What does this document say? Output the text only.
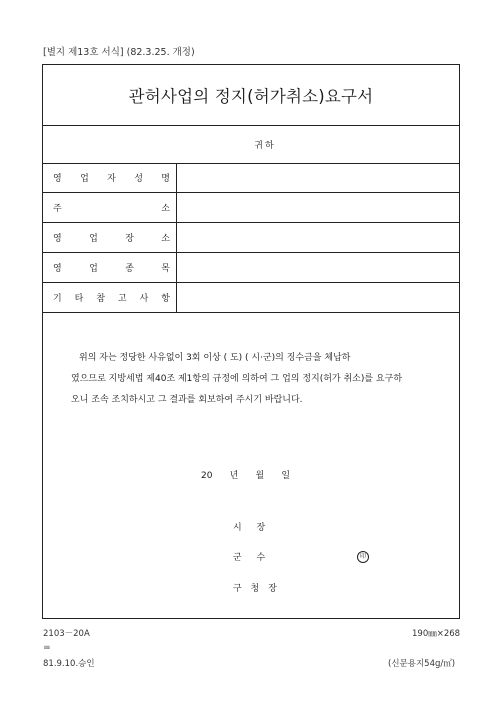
[별지 제13호 서식] (82.3.25. 개정)
관허사업의 정지(허가취소)요구서
귀하
영 업 자 성 명
주	소
영	업	장	소
영	업	종	목
기 타 참 고 사 항
위의 자는 정당한 사유없이 3회 이상 ( 도) ( 시·군)의 징수금을 체납하
였으므로 지방세법 제40조 제1항의 규정에 의하여 그 업의 정지(허가 취소)를 요구하
오니 조속 조치하시고 그 결과를 회보하여 주시기 바랍니다.
20      년      월      일
시 장
군 수	印
구 청 장
2103－20A
㎜
190㎜×268
81.9.10.승인	(신문용지54g/㎡)
